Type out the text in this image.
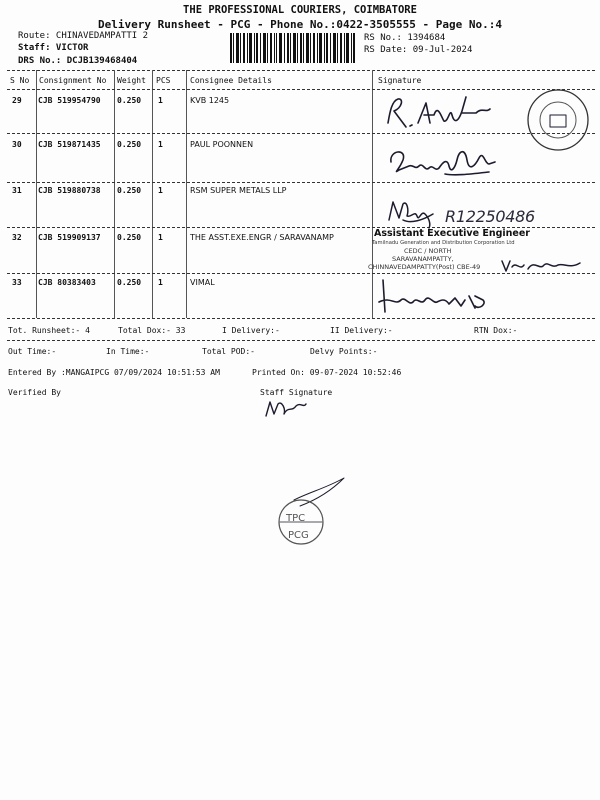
THE PROFESSIONAL COURIERS, COIMBATORE
Delivery Runsheet - PCG - Phone No.:0422-3505555 - Page No.:4
Route: CHINAVEDAMPATTI 2
Staff: VICTOR
DRS No.: DCJB139468404
RS No.: 1394684
RS Date: 09-Jul-2024
S No Consignment No Weight PCS Consignee Details	Signature
29 CJB 519954790 0.250 1	KVB 1245
30 CJB 519871435 0.250 1	PAUL POONNEN
31 CJB 519880738 0.250 1	RSM SUPER METALS LLP
32 CJB 519909137 0.250 1	THE ASST.EXE.ENGR / SARAVANAMP
33 CJB 80383403	0.250 1	VIMAL
R12250486
Assistant Executive Engineer
Tamilnadu Generation and Distribution Corporation Ltd
CEDC / NORTH
SARAVANAMPATTY,
CHINNAVEDAMPATTY(Post) CBE-49
Tot. Runsheet:- 4	Total Dox:- 33	I Delivery:-	II Delivery:-	RTN Dox:-
Out Time:-	In Time:-	Total POD:-	Delvy Points:-
Entered By :MANGAIPCG 07/09/2024 10:51:53 AM	Printed On: 09-07-2024 10:52:46
Verified By	Staff Signature
TPC
PCG
